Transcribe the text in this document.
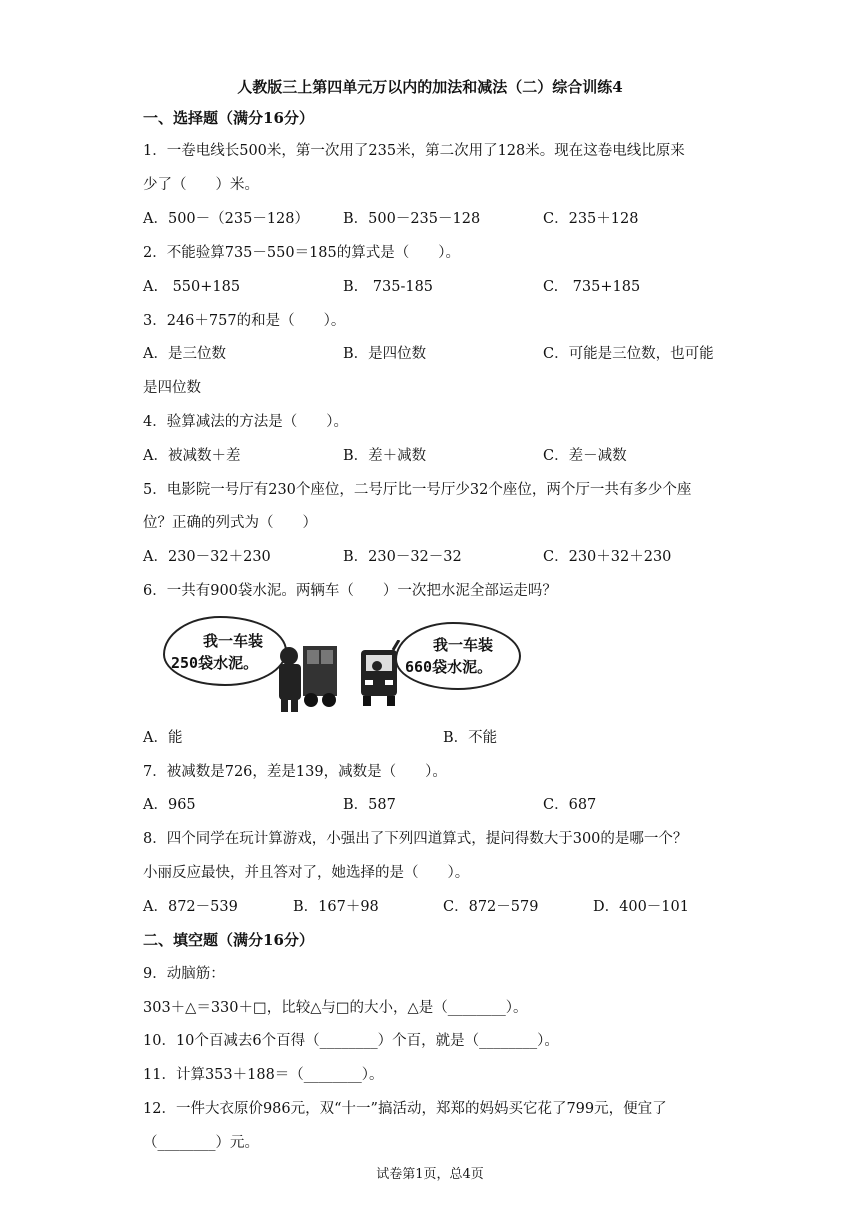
人教版三上第四单元万以内的加法和减法（二）综合训练4
一、选择题（满分16分）
1．一卷电线长500米，第一次用了235米，第二次用了128米。现在这卷电线比原来
少了（　　）米。
A．500－（235－128） B．500－235－128	C．235＋128
2．不能验算735－550＝185的算式是（　　）。
A.　550+185	B.　735-185	C.　735+185
3．246＋757的和是（　　）。
A．是三位数	B．是四位数	C．可能是三位数，也可能
是四位数
4．验算减法的方法是（　　）。
A．被减数＋差	B．差＋减数	C．差－减数
5．电影院一号厅有230个座位，二号厅比一号厅少32个座位，两个厅一共有多少个座
位？正确的列式为（　　）
A．230－32＋230	B．230－32－32	C．230＋32＋230
6．一共有900袋水泥。两辆车（　　）一次把水泥全部运走吗？
我一车装
250袋水泥。
我一车装
660袋水泥。
A．能	B．不能
7．被减数是726，差是139，减数是（　　）。
A．965	B．587	C．687
8．四个同学在玩计算游戏，小强出了下列四道算式，提问得数大于300的是哪一个？
小丽反应最快，并且答对了，她选择的是（　　）。
A．872－539	B．167＋98	C．872－579	D．400－101
二、填空题（满分16分）
9．动脑筋：
303＋△＝330＋□，比较△与□的大小，△是（________）。
10．10个百减去6个百得（________）个百，就是（________）。
11．计算353＋188＝（________）。
12．一件大衣原价986元，双“十一”搞活动，郑郑的妈妈买它花了799元，便宜了
（________）元。
试卷第1页，总4页
